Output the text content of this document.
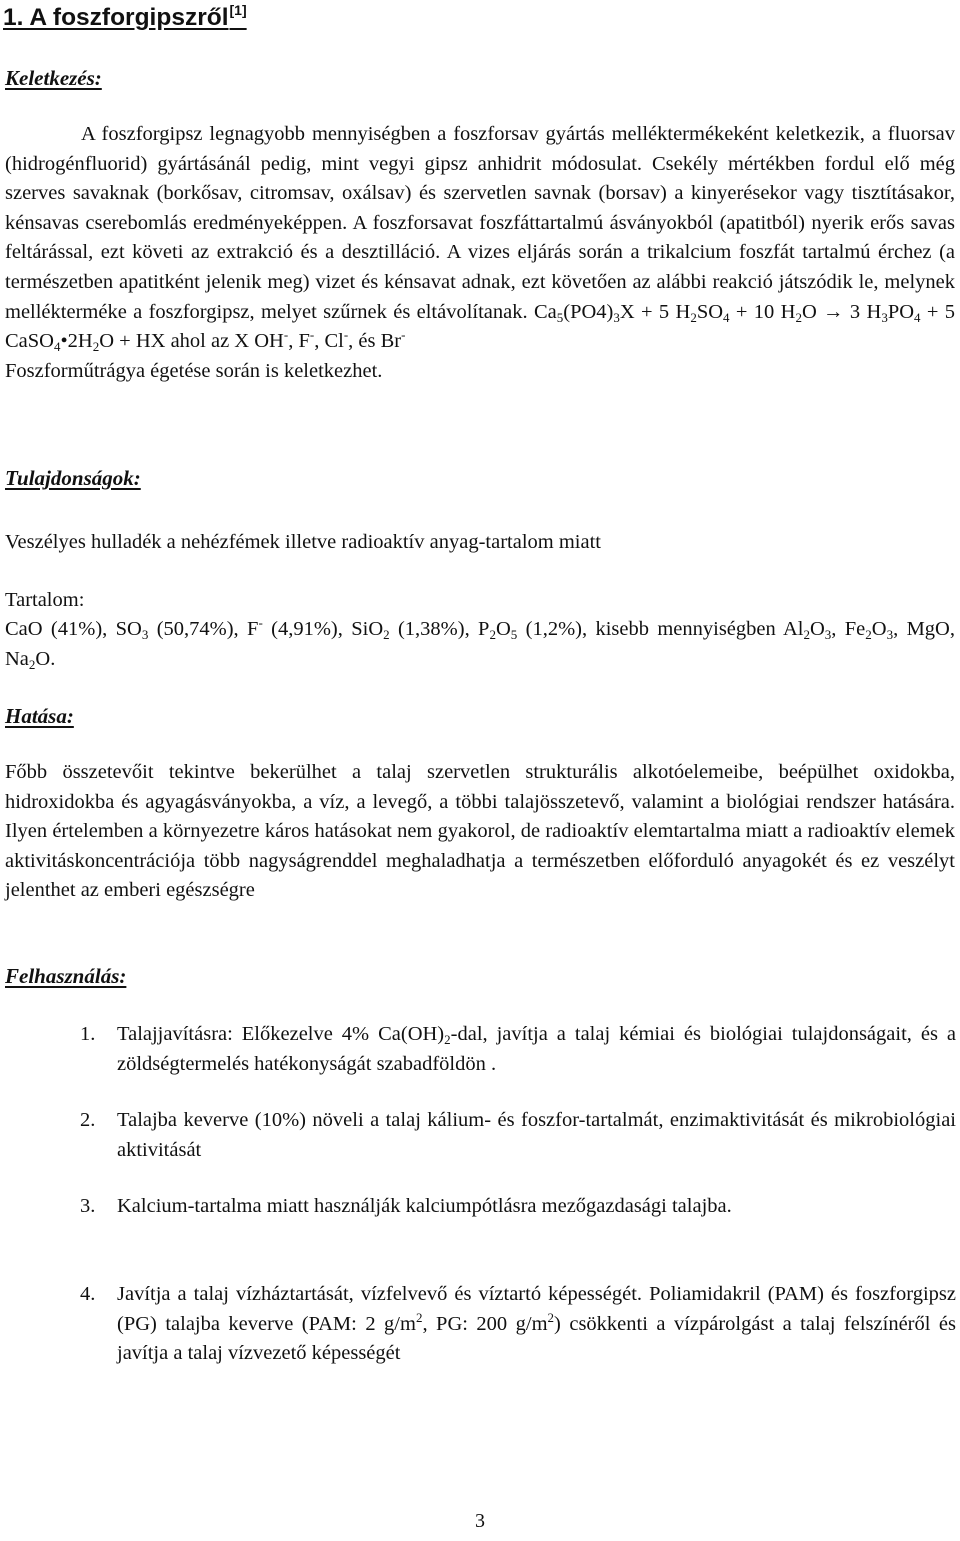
1. A foszforgipszről[1]
Keletkezés:

A foszforgipsz legnagyobb mennyiségben a foszforsav gyártás melléktermékeként keletkezik, a fluorsav (hidrogénfluorid) gyártásánál pedig, mint vegyi gipsz anhidrit módosulat. Csekély mértékben fordul elő még szerves savaknak (borkősav, citromsav, oxálsav) és szervetlen savnak (borsav) a kinyerésekor vagy tisztításakor, kénsavas cserebomlás eredményeképpen. A foszforsavat foszfáttartalmú ásványokból (apatitból) nyerik erős savas feltárással, ezt követi az extrakció és a desztilláció. A vizes eljárás során a trikalcium foszfát tartalmú érchez (a természetben apatitként jelenik meg) vizet és kénsavat adnak, ezt követően az alábbi reakció játszódik le, melynek mellékterméke a foszforgipsz, melyet szűrnek és eltávolítanak. $Ca_5(PO4)_3X + 5$ $H_2SO_4 + 10$ $H_2O \to 3$ $H_3PO_4 + 5$ $CaSO_4•2H_2O$ + HX ahol az X OH-, F-, Cl-, és Br-
Foszforműtrágya égetése során is keletkezhet.

Tulajdonságok:

Veszélyes hulladék a nehézfémek illetve radioaktív anyag-tartalom miatt

Tartalom:

CaO (41%), $SO_3$ (50,74%), F- (4,91%), SiO$_2$ (1,38%), $P_2O_5$ (1,2%), kisebb mennyiségben $Al_2O_3$, $Fe_2O_3$, MgO, $Na_2O$.

Hatása:

Főbb összetevőit tekintve bekerülhet a talaj szervetlen strukturális alkotóelemeibe, beépülhet oxidokba, hidroxidokba és agyagásványokba, a víz, a levegő, a többi talajösszetevő, valamint a biológiai rendszer hatására. Ilyen értelemben a környezetre káros hatásokat nem gyakorol, de radioaktív elemtartalma miatt a radioaktív elemek aktivitáskoncentrációja több nagyságrenddel meghaladhatja a természetben előforduló anyagokét és ez veszélyt jelenthet az emberi egészségre

Felhasználás:
1. Talajjavításra: Előkezelve 4% $Ca(OH)_2$-dal, javítja a talaj kémiai és biológiai tulajdonságait, és a zöldségtermelés hatékonyságát szabadföldön .
2. Talajba keverve (10%) növeli a talaj kálium- és foszfor-tartalmát, enzimaktivitását és mikrobiológiai aktivitását
3. Kalcium-tartalma miatt használják kalciumpótlásra mezőgazdasági talajba.
4. Javítja a talaj vízháztartását, vízfelvevő és víztartó képességét. Poliamidakril (PAM) és foszforgipsz (PG) talajba keverve (PAM: 2 $g/m^2$, PG: 200 $g/m^2$) csökkenti a vízpárolgást a talaj felszínéről és javítja a talaj vízvezető képességét

3
